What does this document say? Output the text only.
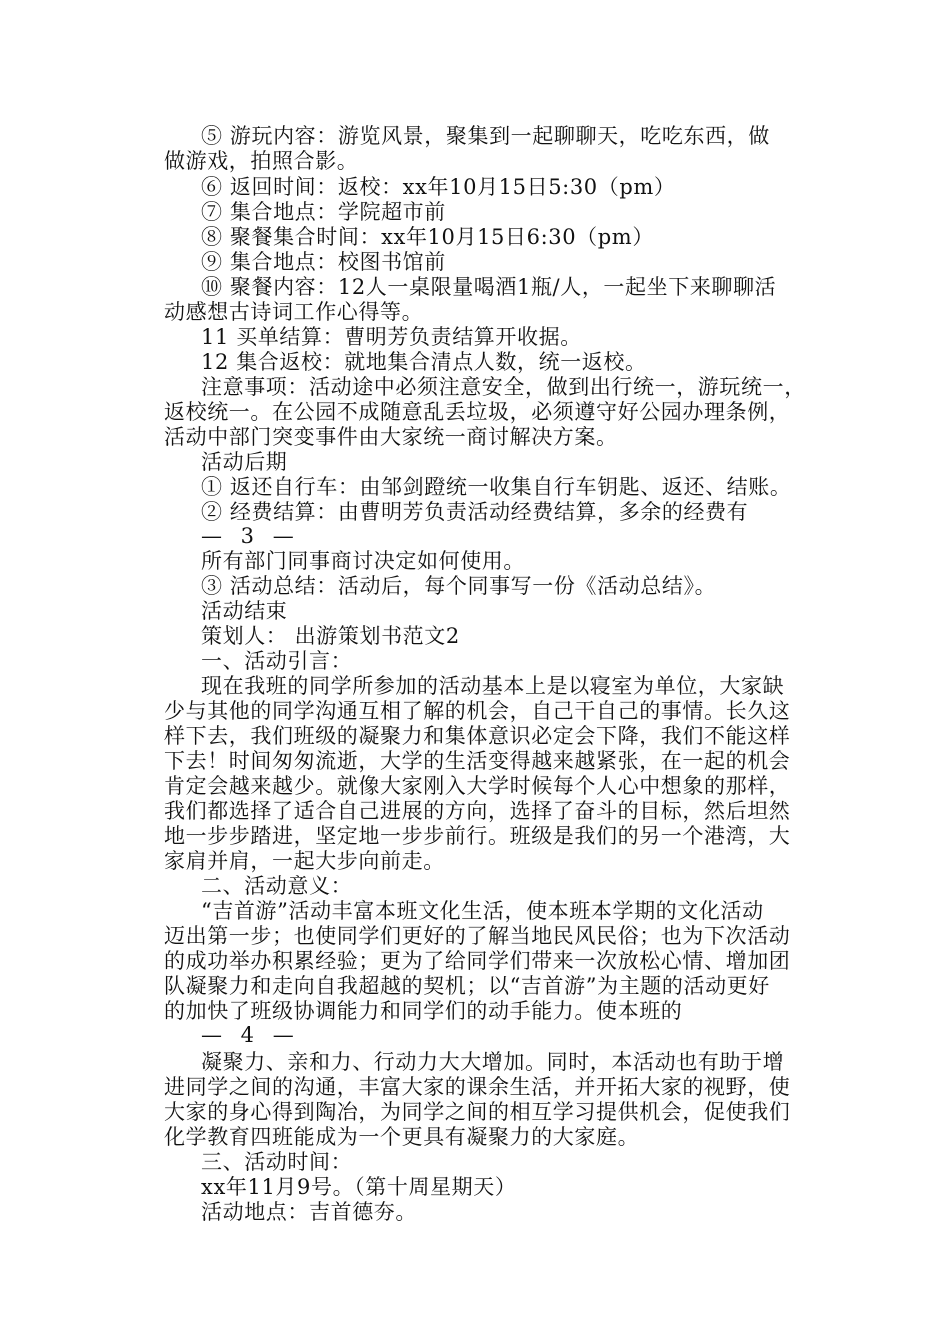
⑤ 游玩内容：游览风景，聚集到一起聊聊天，吃吃东西，做
做游戏，拍照合影。
⑥ 返回时间：返校：xx年10月15日5:30（pm）
⑦ 集合地点：学院超市前
⑧ 聚餐集合时间：xx年10月15日6:30（pm）
⑨ 集合地点：校图书馆前
⑩ 聚餐内容：12人一桌限量喝酒1瓶/人，一起坐下来聊聊活
动感想古诗词工作心得等。
11 买单结算：曹明芳负责结算开收据。
12 集合返校：就地集合清点人数，统一返校。
注意事项：活动途中必须注意安全，做到出行统一，游玩统一，
返校统一。在公园不成随意乱丢垃圾，必须遵守好公园办理条例，
活动中部门突变事件由大家统一商讨解决方案。
活动后期
① 返还自行车：由邹剑蹬统一收集自行车钥匙、返还、结账。
② 经费结算：由曹明芳负责活动经费结算，多余的经费有
— 3 —
所有部门同事商讨决定如何使用。
③ 活动总结：活动后，每个同事写一份《活动总结》。
活动结束
策划人： 出游策划书范文2
一、活动引言：
现在我班的同学所参加的活动基本上是以寝室为单位，大家缺
少与其他的同学沟通互相了解的机会，自己干自己的事情。长久这
样下去，我们班级的凝聚力和集体意识必定会下降，我们不能这样
下去！时间匆匆流逝，大学的生活变得越来越紧张，在一起的机会
肯定会越来越少。就像大家刚入大学时候每个人心中想象的那样，
我们都选择了适合自己进展的方向，选择了奋斗的目标，然后坦然
地一步步踏进，坚定地一步步前行。班级是我们的另一个港湾，大
家肩并肩，一起大步向前走。
二、活动意义：
“吉首游”活动丰富本班文化生活，使本班本学期的文化活动
迈出第一步；也使同学们更好的了解当地民风民俗；也为下次活动
的成功举办积累经验；更为了给同学们带来一次放松心情、增加团
队凝聚力和走向自我超越的契机；以“吉首游”为主题的活动更好
的加快了班级协调能力和同学们的动手能力。使本班的
— 4 —
凝聚力、亲和力、行动力大大增加。同时，本活动也有助于增
进同学之间的沟通，丰富大家的课余生活，并开拓大家的视野，使
大家的身心得到陶冶，为同学之间的相互学习提供机会，促使我们
化学教育四班能成为一个更具有凝聚力的大家庭。
三、活动时间：
xx年11月9号。（第十周星期天）
活动地点：吉首德夯。
